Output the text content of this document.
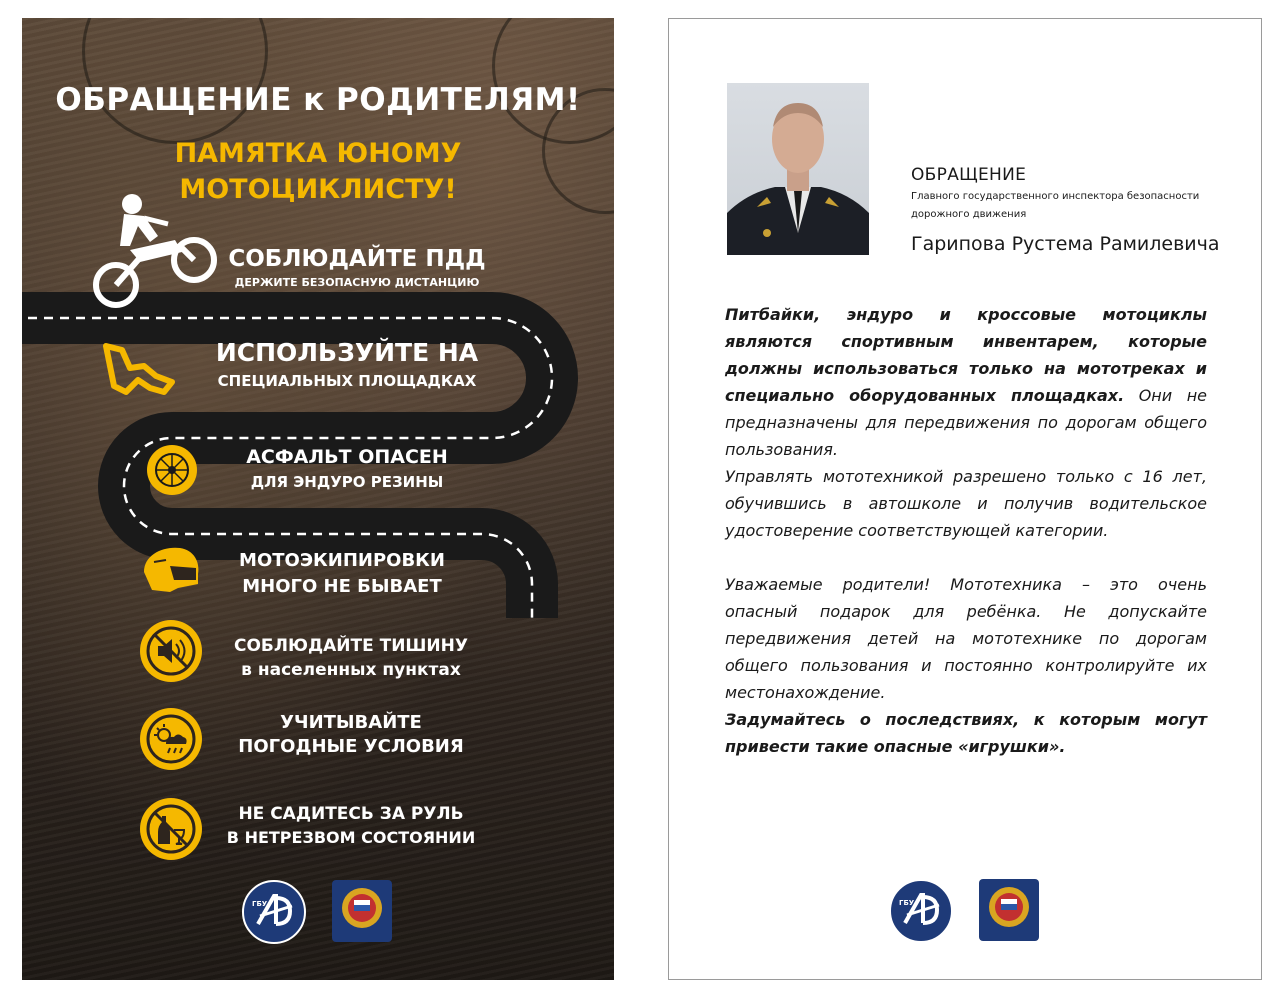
ОБРАЩЕНИЕ к РОДИТЕЛЯМ!
ПАМЯТКА ЮНОМУ
МОТОЦИКЛИСТУ!
СОБЛЮДАЙТЕ ПДД
ДЕРЖИТЕ БЕЗОПАСНУЮ ДИСТАНЦИЮ
ИСПОЛЬЗУЙТЕ НА
СПЕЦИАЛЬНЫХ ПЛОЩАДКАХ
АСФАЛЬТ ОПАСЕН
ДЛЯ ЭНДУРО РЕЗИНЫ
МОТОЭКИПИРОВКИ
МНОГО НЕ БЫВАЕТ
СОБЛЮДАЙТЕ ТИШИНУ
в населенных пунктах
УЧИТЫВАЙТЕ
ПОГОДНЫЕ УСЛОВИЯ
НЕ САДИТЕСЬ ЗА РУЛЬ
В НЕТРЕЗВОМ СОСТОЯНИИ
ГБУ
ОБРАЩЕНИЕ
Главного государственного инспектора безопасности
дорожного движения
Гарипова Рустема Рамилевича

Питбайки, эндуро и кроссовые мотоциклы являются спортивным инвентарем, которые должны использоваться только на мототреках и специально оборудованных площадках. Они не предназначены для передвижения по дорогам общего пользования.

Управлять мототехникой разрешено только с 16 лет, обучившись в автошколе и получив водительское удостоверение соответствующей категории.

Уважаемые родители! Мототехника – это очень опасный подарок для ребёнка. Не допускайте передвижения детей на мототехнике по дорогам общего пользования и постоянно контролируйте их местонахождение.

Задумайтесь о последствиях, к которым могут привести такие опасные «игрушки».

ГБУ
